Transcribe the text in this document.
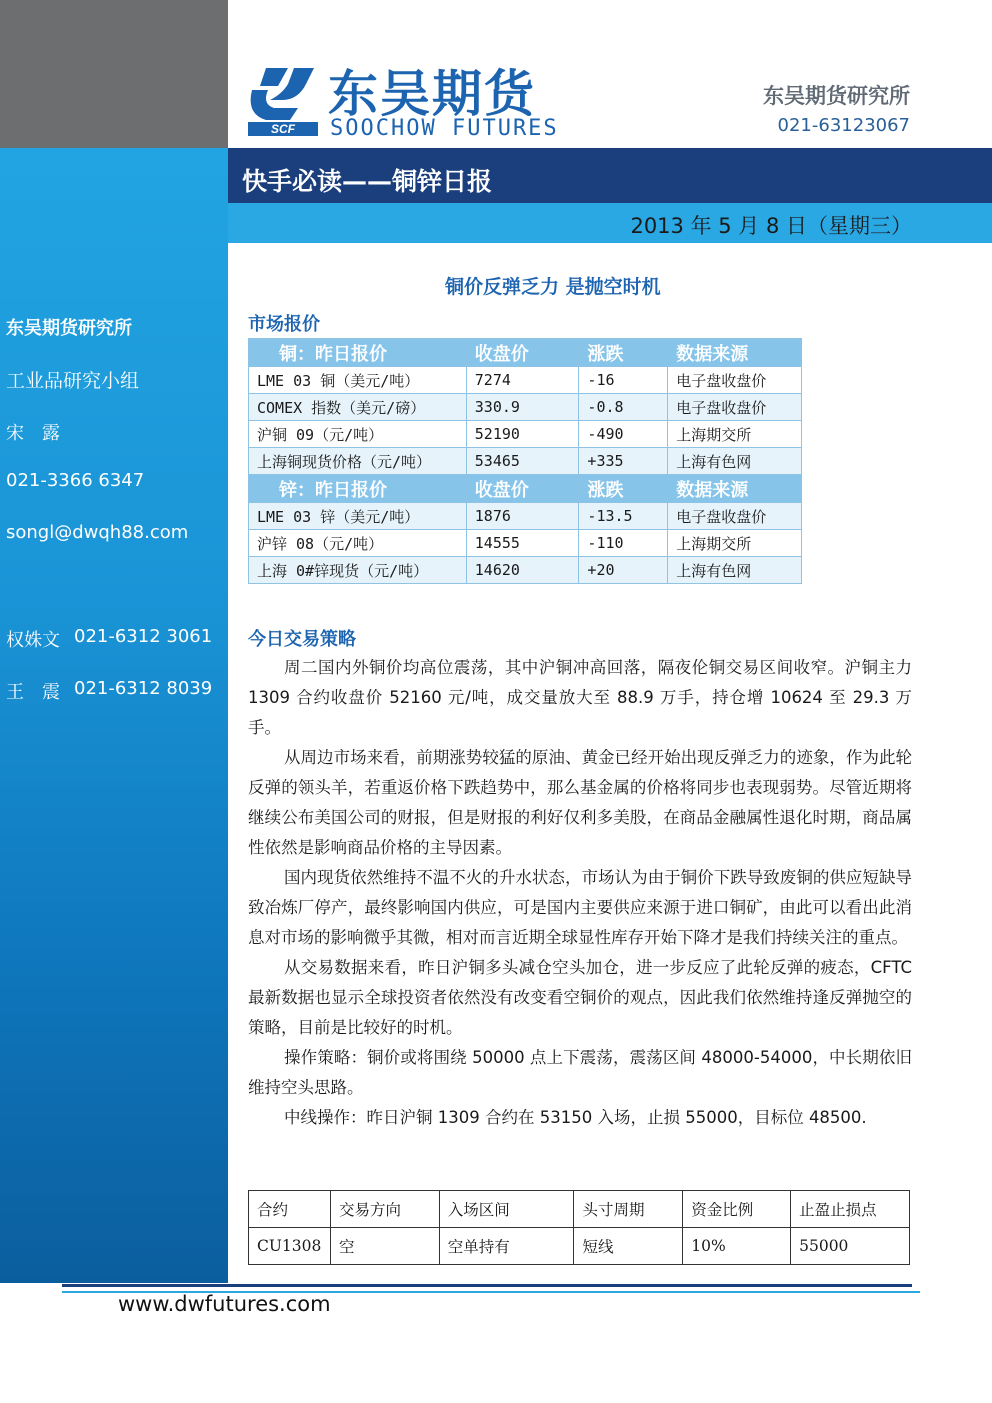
东吴期货研究所
工业品研究小组
宋　露
021-3366 6347
songl@dwqh88.com
权姝文 021-6312 3061
王　震 021-6312 8039
SCF
东吴期货
SOOCHOW FUTURES
东吴期货研究所
021-63123067
快手必读——铜锌日报
2013 年 5 月 8 日（星期三）
铜价反弹乏力 是抛空时机
市场报价
铜：昨日报价	收盘价	涨跌	数据来源
LME 03 铜（美元/吨）	7274	-16	电子盘收盘价
COMEX 指数（美元/磅）	330.9	-0.8	电子盘收盘价
沪铜 09（元/吨）	52190	-490	上海期交所
上海铜现货价格（元/吨）	53465	+335	上海有色网
锌：昨日报价	收盘价	涨跌	数据来源
LME 03 锌（美元/吨）	1876	-13.5	电子盘收盘价
沪锌 08（元/吨）	14555	-110	上海期交所
上海 0#锌现货（元/吨）	14620	+20	上海有色网
今日交易策略

周二国内外铜价均高位震荡，其中沪铜冲高回落，隔夜伦铜交易区间收窄。沪铜主力 1309 合约收盘价 52160 元/吨，成交量放大至 88.9 万手，持仓增 10624 至 29.3 万手。

从周边市场来看，前期涨势较猛的原油、黄金已经开始出现反弹乏力的迹象，作为此轮反弹的领头羊，若重返价格下跌趋势中，那么基金属的价格将同步也表现弱势。尽管近期将继续公布美国公司的财报，但是财报的利好仅利多美股，在商品金融属性退化时期，商品属性依然是影响商品价格的主导因素。

国内现货依然维持不温不火的升水状态，市场认为由于铜价下跌导致废铜的供应短缺导致冶炼厂停产，最终影响国内供应，可是国内主要供应来源于进口铜矿，由此可以看出此消息对市场的影响微乎其微，相对而言近期全球显性库存开始下降才是我们持续关注的重点。

从交易数据来看，昨日沪铜多头减仓空头加仓，进一步反应了此轮反弹的疲态，CFTC 最新数据也显示全球投资者依然没有改变看空铜价的观点，因此我们依然维持逢反弹抛空的策略，目前是比较好的时机。

操作策略：铜价或将围绕 50000 点上下震荡，震荡区间 48000-54000，中长期依旧维持空头思路。

中线操作：昨日沪铜 1309 合约在 53150 入场，止损 55000，目标位 48500.

合约	交易方向	入场区间	头寸周期	资金比例	止盈止损点
CU1308	空	空单持有	短线	10%	55000
www.dwfutures.com
